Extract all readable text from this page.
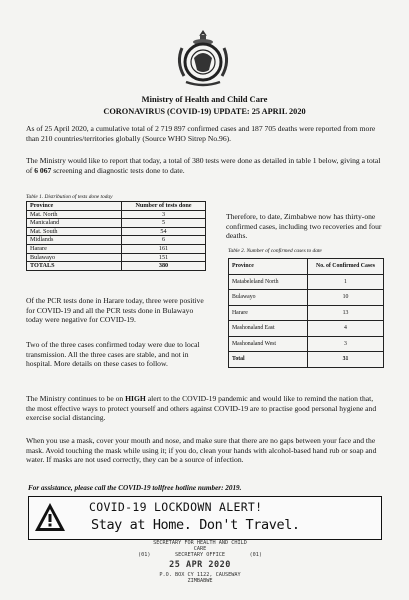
Ministry of Health and Child Care
CORONAVIRUS (COVID-19) UPDATE: 25 APRIL 2020

As of 25 April 2020, a cumulative total of 2 719 897 confirmed cases and 187 705 deaths were reported from more than 210 countries/territories globally (Source WHO Sitrep No.96).

The Ministry would like to report that today, a total of 380 tests were done as detailed in table 1 below, giving a total of 6 067 screening and diagnostic tests done to date.

Table 1. Distribution of tests done today
Province	Number of tests done
Mat. North	3
Manicaland	5
Mat. South	54
Midlands	6
Harare	161
Bulawayo	151
TOTALS	380

Therefore, to date, Zimbabwe now has thirty-one confirmed cases, including two recoveries and four deaths.

Table 2. Number of confirmed cases to date
Province	No. of Confirmed Cases
Matabeleland North	1
Bulawayo	10
Harare	13
Mashonaland East	4
Mashonaland West	3
Total	31

Of the PCR tests done in Harare today, three were positive for COVID-19 and all the PCR tests done in Bulawayo today were negative for COVID-19.

Two of the three cases confirmed today were due to local transmission. All the three cases are stable, and not in hospital. More details on these cases to follow.

The Ministry continues to be on HIGH alert to the COVID-19 pandemic and would like to remind the nation that, the most effective ways to protect yourself and others against COVID-19 are to practise good personal hygiene and exercise social distancing.

When you use a mask, cover your mouth and nose, and make sure that there are no gaps between your face and the mask. Avoid touching the mask while using it; if you do, clean your hands with alcohol-based hand rub or soap and water. If masks are not used correctly, they can be a source of infection.

For assistance, please call the COVID-19 tollfree hotline number: 2019.
COVID-19 LOCKDOWN ALERT!
Stay at Home. Don't Travel.
SECRETARY FOR HEALTH AND CHILD
CARE
(01)	SECRETARY OFFICE	(01)
25 APR 2020
P.O. BOX CY 1122, CAUSEWAY
ZIMBABWE
